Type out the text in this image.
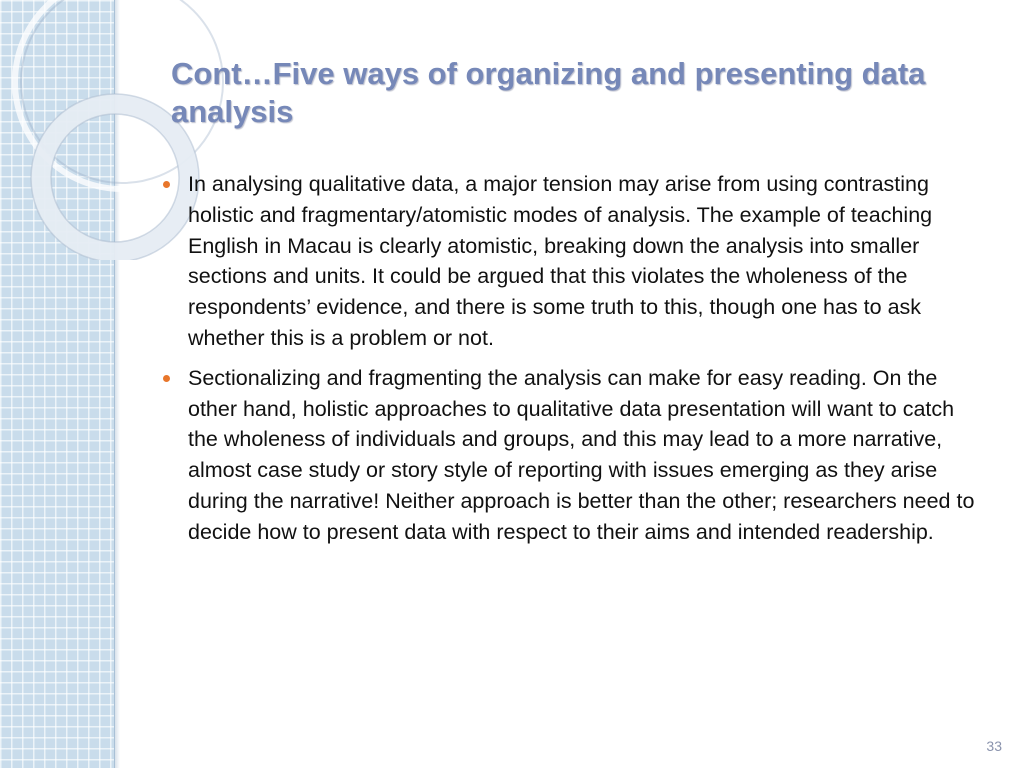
Cont…Five ways of organizing and presenting data analysis
In analysing qualitative data, a major tension may arise from using contrasting holistic and fragmentary/atomistic modes of analysis. The example of teaching English in Macau is clearly atomistic, breaking down the analysis into smaller sections and units. It could be argued that this violates the wholeness of the respondents’ evidence, and there is some truth to this, though one has to ask whether this is a problem or not.
Sectionalizing and fragmenting the analysis can make for easy reading. On the other hand, holistic approaches to qualitative data presentation will want to catch the wholeness of individuals and groups, and this may lead to a more narrative, almost case study or story style of reporting with issues emerging as they arise during the narrative! Neither approach is better than the other; researchers need to decide how to present data with respect to their aims and intended readership.
33
